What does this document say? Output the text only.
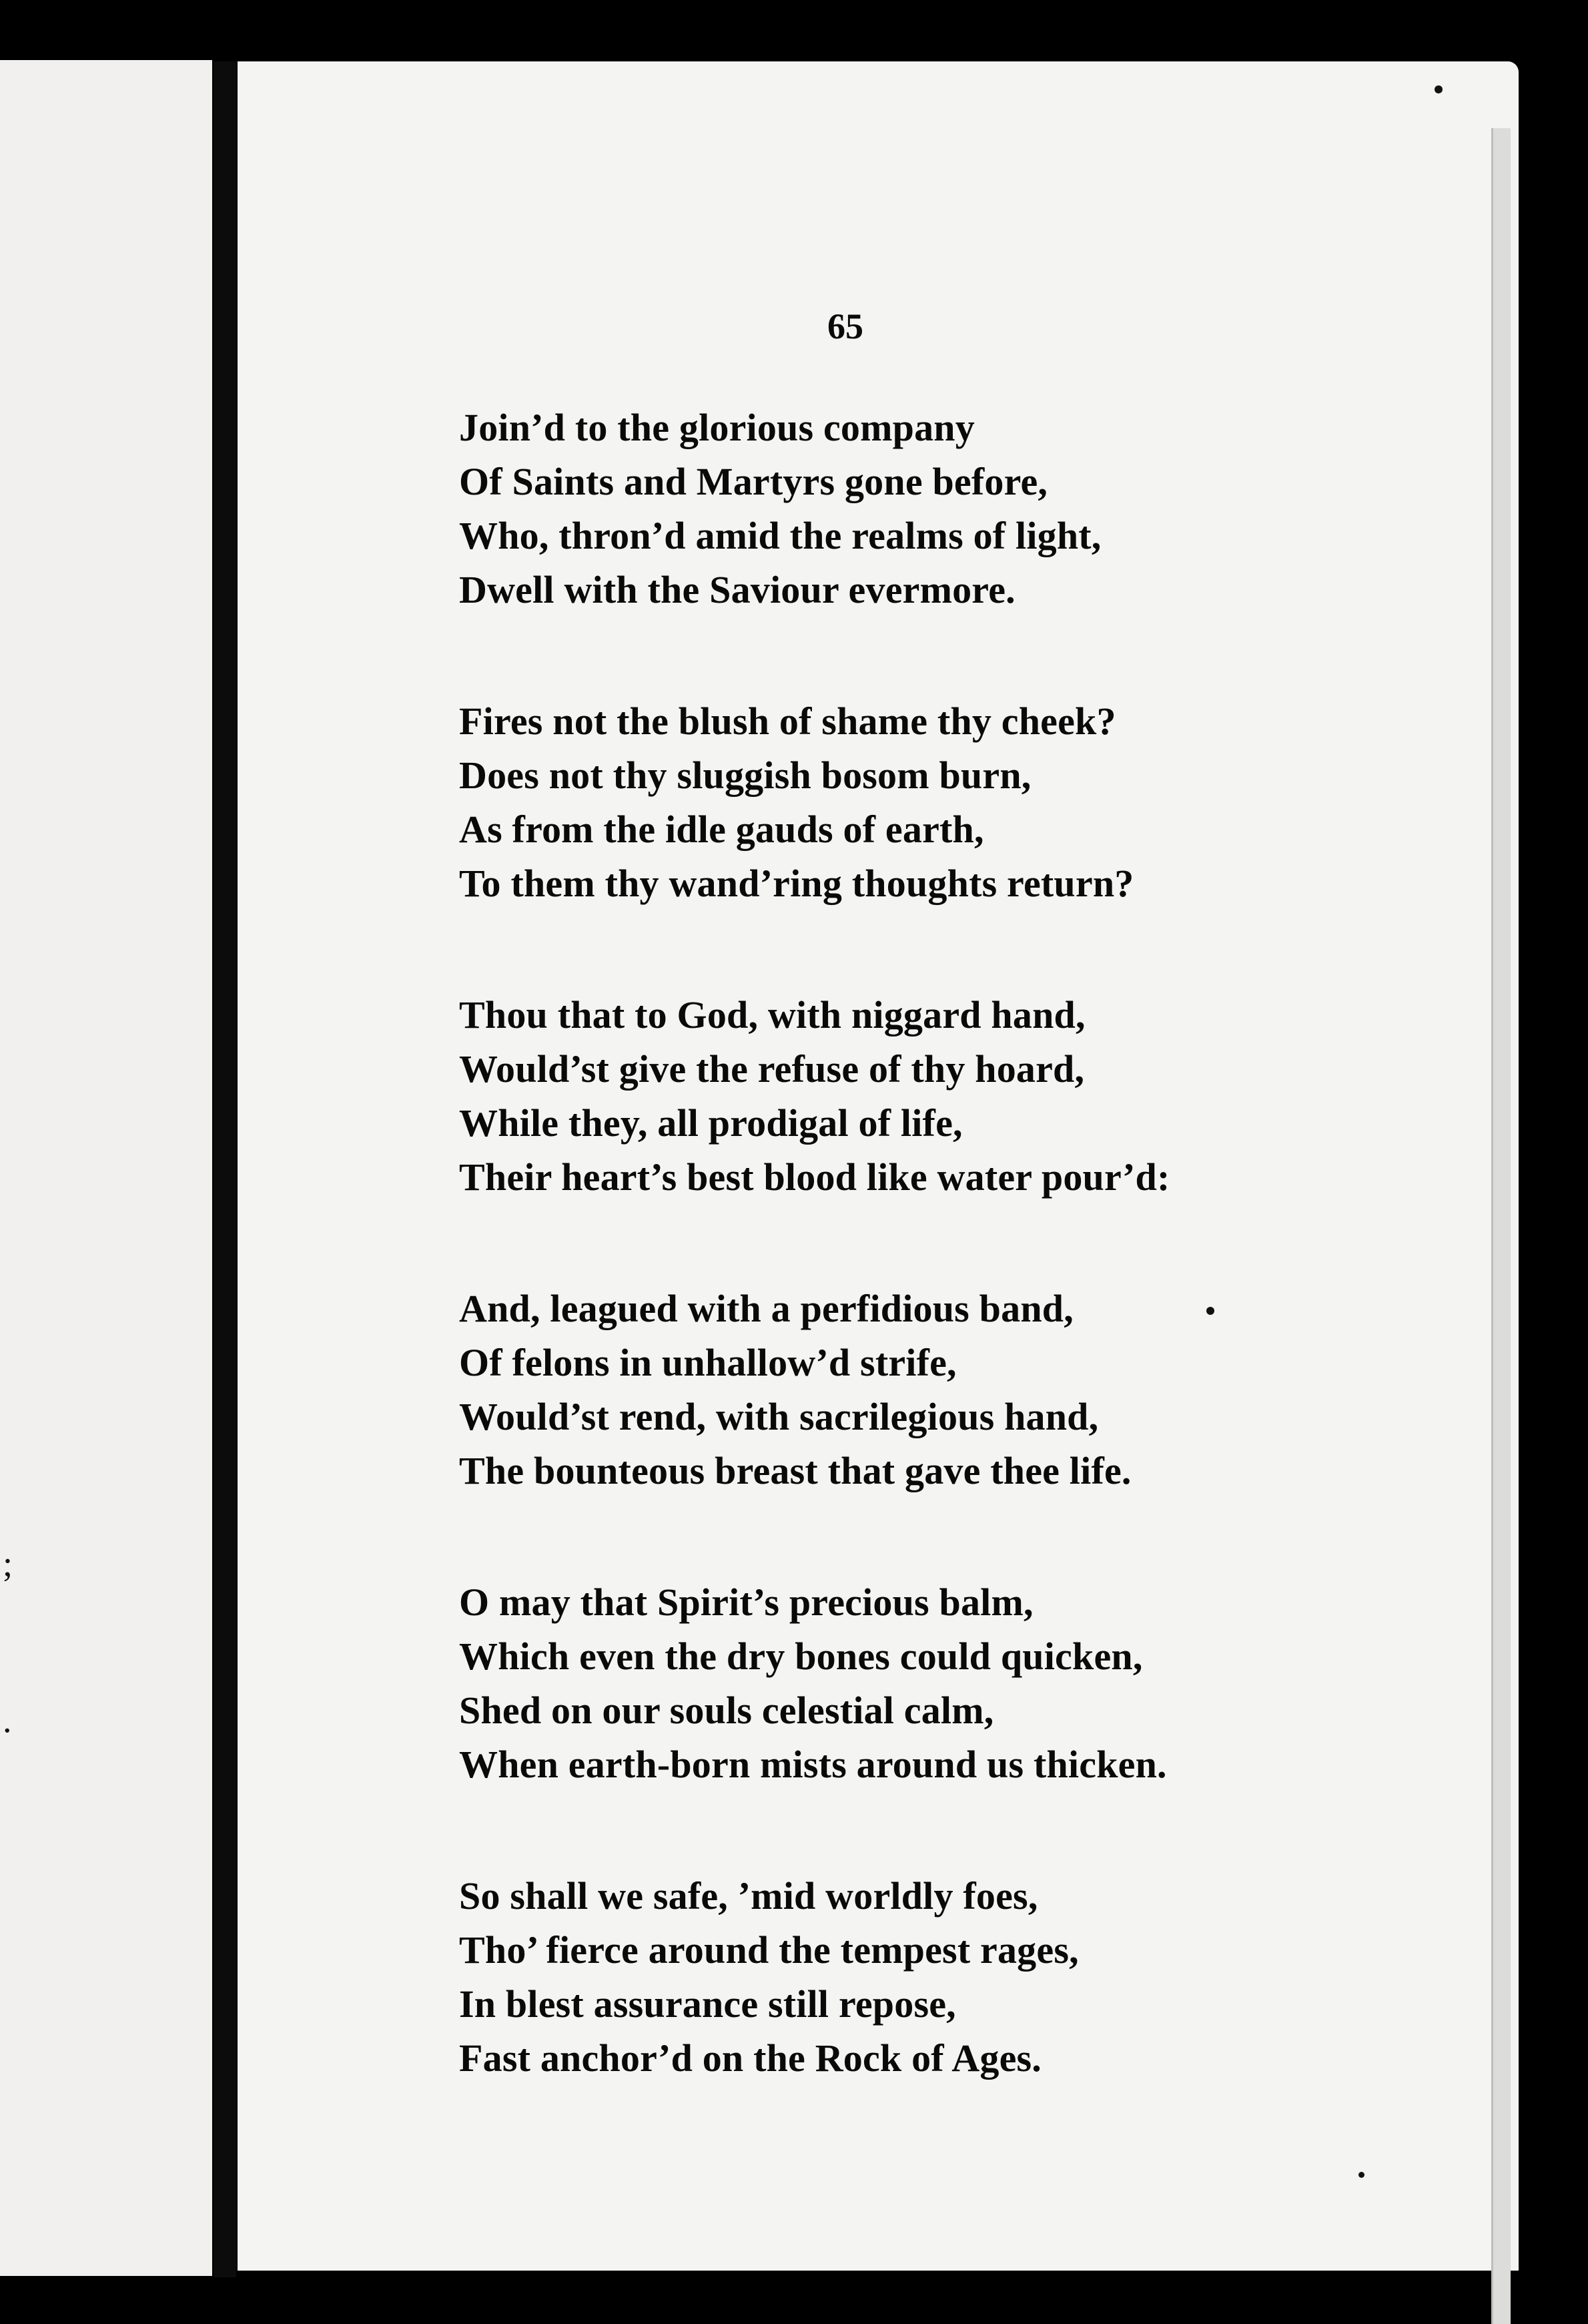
;
.
65
Join’d to the glorious company
Of Saints and Martyrs gone before,
Who, thron’d amid the realms of light,
Dwell with the Saviour evermore.
Fires not the blush of shame thy cheek?
Does not thy sluggish bosom burn,
As from the idle gauds of earth,
To them thy wand’ring thoughts return?
Thou that to God, with niggard hand,
Would’st give the refuse of thy hoard,
While they, all prodigal of life,
Their heart’s best blood like water pour’d:
And, leagued with a perfidious band,
Of felons in unhallow’d strife,
Would’st rend, with sacrilegious hand,
The bounteous breast that gave thee life.
O may that Spirit’s precious balm,
Which even the dry bones could quicken,
Shed on our souls celestial calm,
When earth-born mists around us thicken.
So shall we safe, ’mid worldly foes,
Tho’ fierce around the tempest rages,
In blest assurance still repose,
Fast anchor’d on the Rock of Ages.
